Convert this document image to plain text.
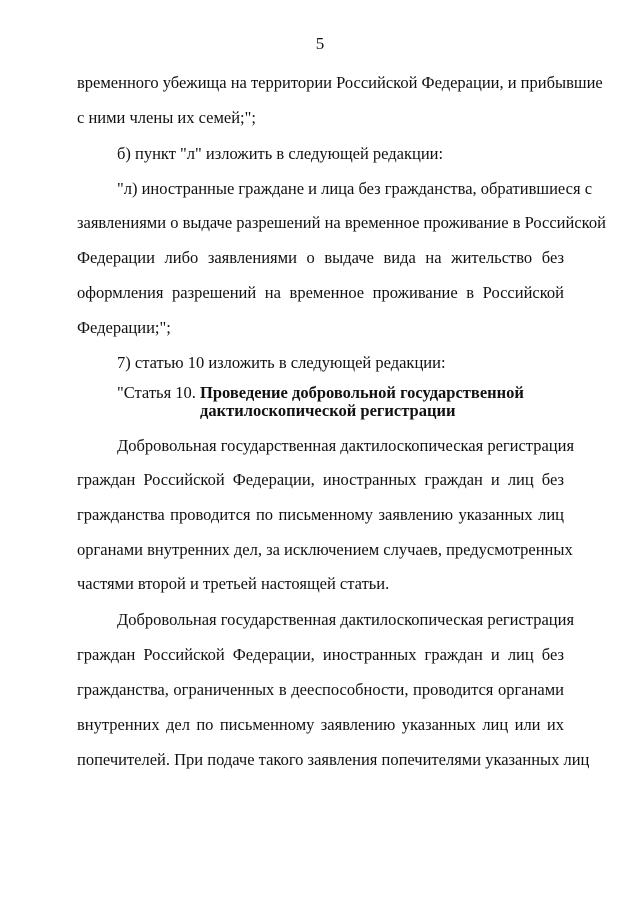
5
временного убежища на территории Российской Федерации, и прибывшие
с ними члены их семей;";
б) пункт "л" изложить в следующей редакции:
"л) иностранные граждане и лица без гражданства, обратившиеся с
заявлениями о выдаче разрешений на временное проживание в Российской
Федерации либо заявлениями о выдаче вида на жительство без
оформления разрешений на временное проживание в Российской
Федерации;";
7) статью 10 изложить в следующей редакции:
"Статья 10. Проведение добровольной государственной
дактилоскопической регистрации
Добровольная государственная дактилоскопическая регистрация
граждан Российской Федерации, иностранных граждан и лиц без
гражданства проводится по письменному заявлению указанных лиц
органами внутренних дел, за исключением случаев, предусмотренных
частями второй и третьей настоящей статьи.
Добровольная государственная дактилоскопическая регистрация
граждан Российской Федерации, иностранных граждан и лиц без
гражданства, ограниченных в дееспособности, проводится органами
внутренних дел по письменному заявлению указанных лиц или их
попечителей. При подаче такого заявления попечителями указанных лиц
